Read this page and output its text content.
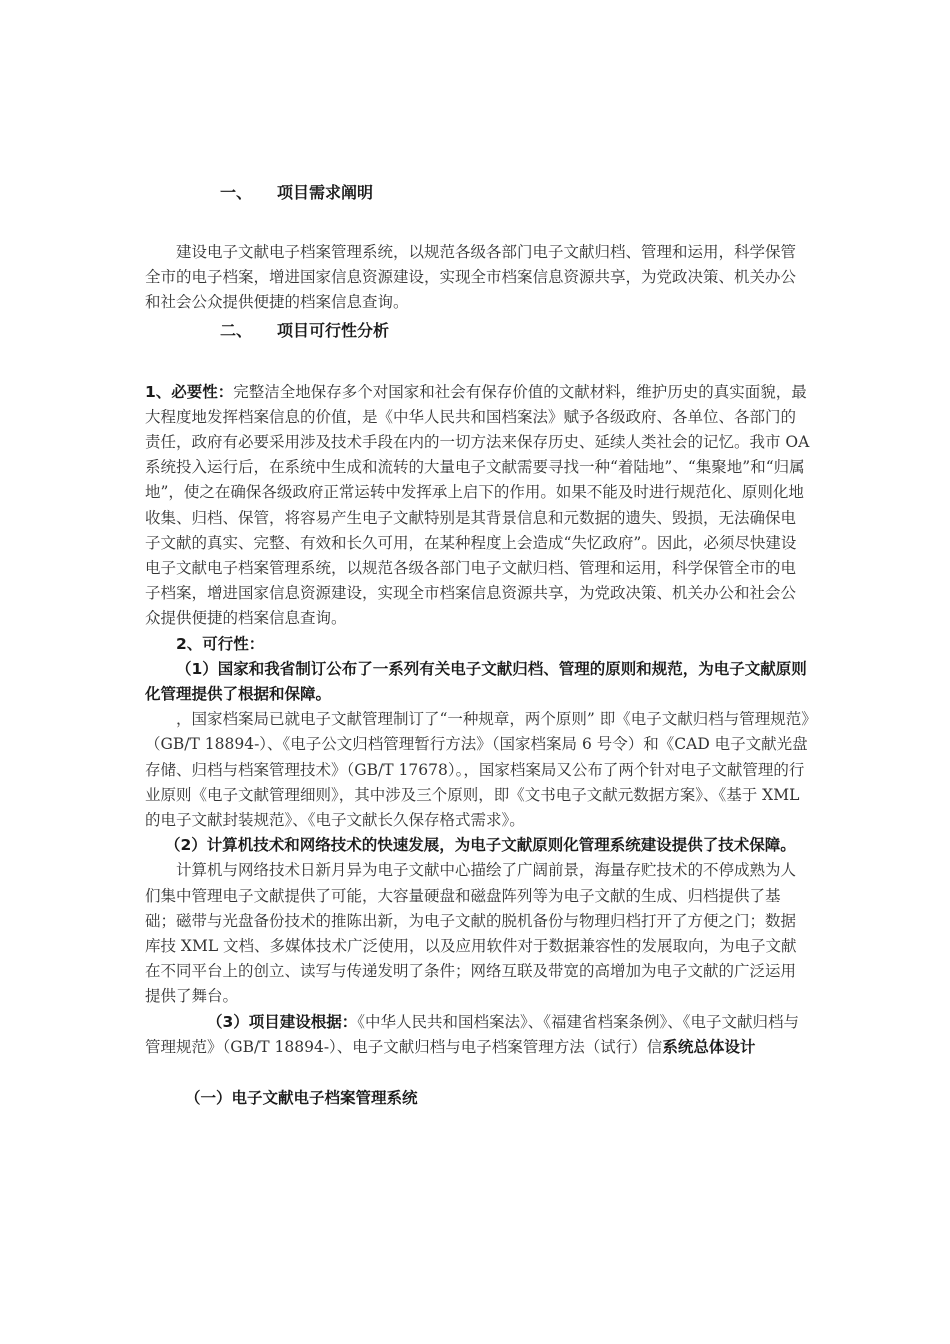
一、 项目需求阐明

建设电子文献电子档案管理系统，以规范各级各部门电子文献归档、管理和运用，科学保管全市的电子档案，增进国家信息资源建设，实现全市档案信息资源共享，为党政决策、机关办公和社会公众提供便捷的档案信息查询。

二、 项目可行性分析

1、必要性：完整洁全地保存多个对国家和社会有保存价值的文献材料，维护历史的真实面貌，最大程度地发挥档案信息的价值，是《中华人民共和国档案法》赋予各级政府、各单位、各部门的责任，政府有必要采用涉及技术手段在内的一切方法来保存历史、延续人类社会的记忆。我市 OA系统投入运行后，在系统中生成和流转的大量电子文献需要寻找一种“着陆地”、“集聚地”和“归属地”，使之在确保各级政府正常运转中发挥承上启下的作用。如果不能及时进行规范化、原则化地收集、归档、保管，将容易产生电子文献特别是其背景信息和元数据的遗失、毁损，无法确保电子文献的真实、完整、有效和长久可用，在某种程度上会造成“失忆政府”。因此，必须尽快建设电子文献电子档案管理系统，以规范各级各部门电子文献归档、管理和运用，科学保管全市的电子档案，增进国家信息资源建设，实现全市档案信息资源共享，为党政决策、机关办公和社会公众提供便捷的档案信息查询。

2、可行性：

（1）国家和我省制订公布了一系列有关电子文献归档、管理的原则和规范，为电子文献原则化管理提供了根据和保障。

，国家档案局已就电子文献管理制订了“一种规章，两个原则” 即《电子文献归档与管理规范》（GB/T 18894-）、《电子公文归档管理暂行方法》（国家档案局 6 号令）和《CAD 电子文献光盘存储、归档与档案管理技术》（GB/T 17678）。，国家档案局又公布了两个针对电子文献管理的行业原则《电子文献管理细则》，其中涉及三个原则，即《文书电子文献元数据方案》、《基于 XML 的电子文献封装规范》、《电子文献长久保存格式需求》。

（2）计算机技术和网络技术的快速发展，为电子文献原则化管理系统建设提供了技术保障。

计算机与网络技术日新月异为电子文献中心描绘了广阔前景，海量存贮技术的不停成熟为人们集中管理电子文献提供了可能，大容量硬盘和磁盘阵列等为电子文献的生成、归档提供了基础；磁带与光盘备份技术的推陈出新，为电子文献的脱机备份与物理归档打开了方便之门；数据库技 XML 文档、多媒体技术广泛使用，以及应用软件对于数据兼容性的发展取向，为电子文献在不同平台上的创立、读写与传递发明了条件；网络互联及带宽的高增加为电子文献的广泛运用提供了舞台。

（3）项目建设根据：《中华人民共和国档案法》、《福建省档案条例》、《电子文献归档与管理规范》（GB/T 18894-）、电子文献归档与电子档案管理方法（试行）信系统总体设计

（一）电子文献电子档案管理系统
